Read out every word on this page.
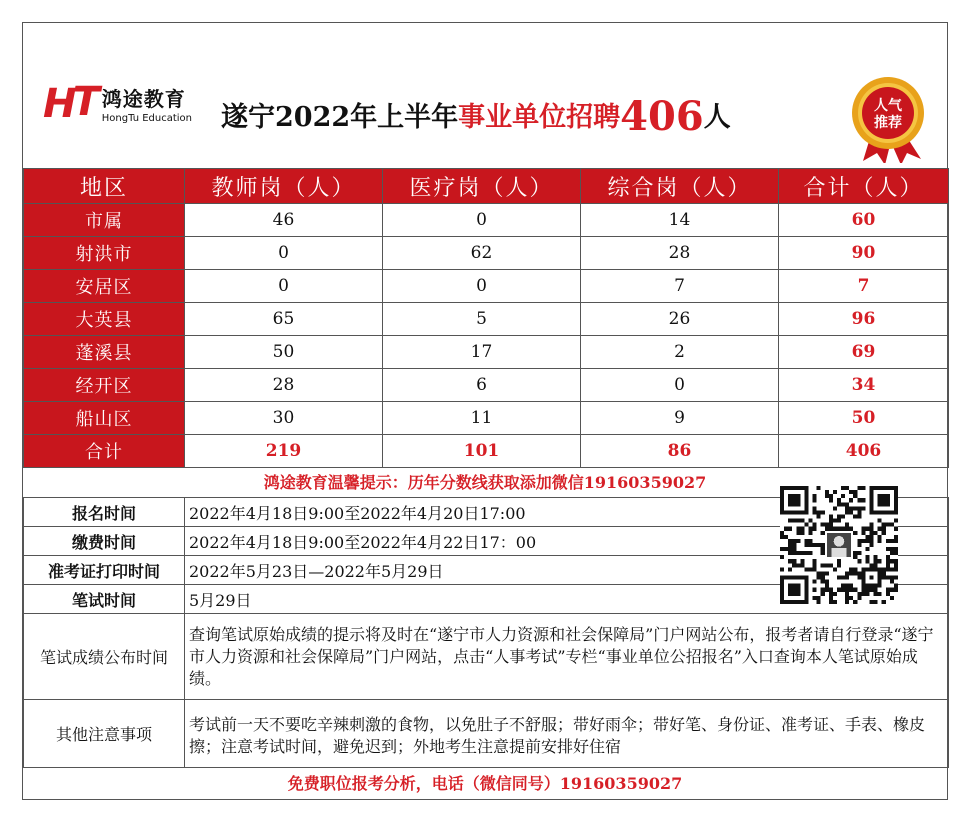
HT 鸿途教育
HongTu Education 遂宁2022年上半年事业单位招聘406人	人气
推荐
地区	教师岗（人）	医疗岗（人）	综合岗（人）	合计（人）
市属	46	0	14	60
射洪市	0	62	28	90
安居区	0	0	7	7
大英县	65	5	26	96
蓬溪县	50	17	2	69
经开区	28	6	0	34
船山区	30	11	9	50
合计	219	101	86	406
鸿途教育温馨提示：历年分数线获取添加微信19160359027
报名时间	2022年4月18日9:00至2022年4月20日17:00
缴费时间	2022年4月18日9:00至2022年4月22日17：00
准考证打印时间	2022年5月23日—2022年5月29日
笔试时间	5月29日
笔试成绩公布时间	查询笔试原始成绩的提示将及时在“遂宁市人力资源和社会保障局”门户网站公布，报考者请自行登录“遂宁市人力资源和社会保障局”门户网站，点击“人事考试”专栏“事业单位公招报名”入口查询本人笔试原始成绩。
其他注意事项	考试前一天不要吃辛辣刺激的食物，以免肚子不舒服；带好雨伞；带好笔、身份证、准考证、手表、橡皮擦；注意考试时间，避免迟到；外地考生注意提前安排好住宿
免费职位报考分析，电话（微信同号）19160359027
